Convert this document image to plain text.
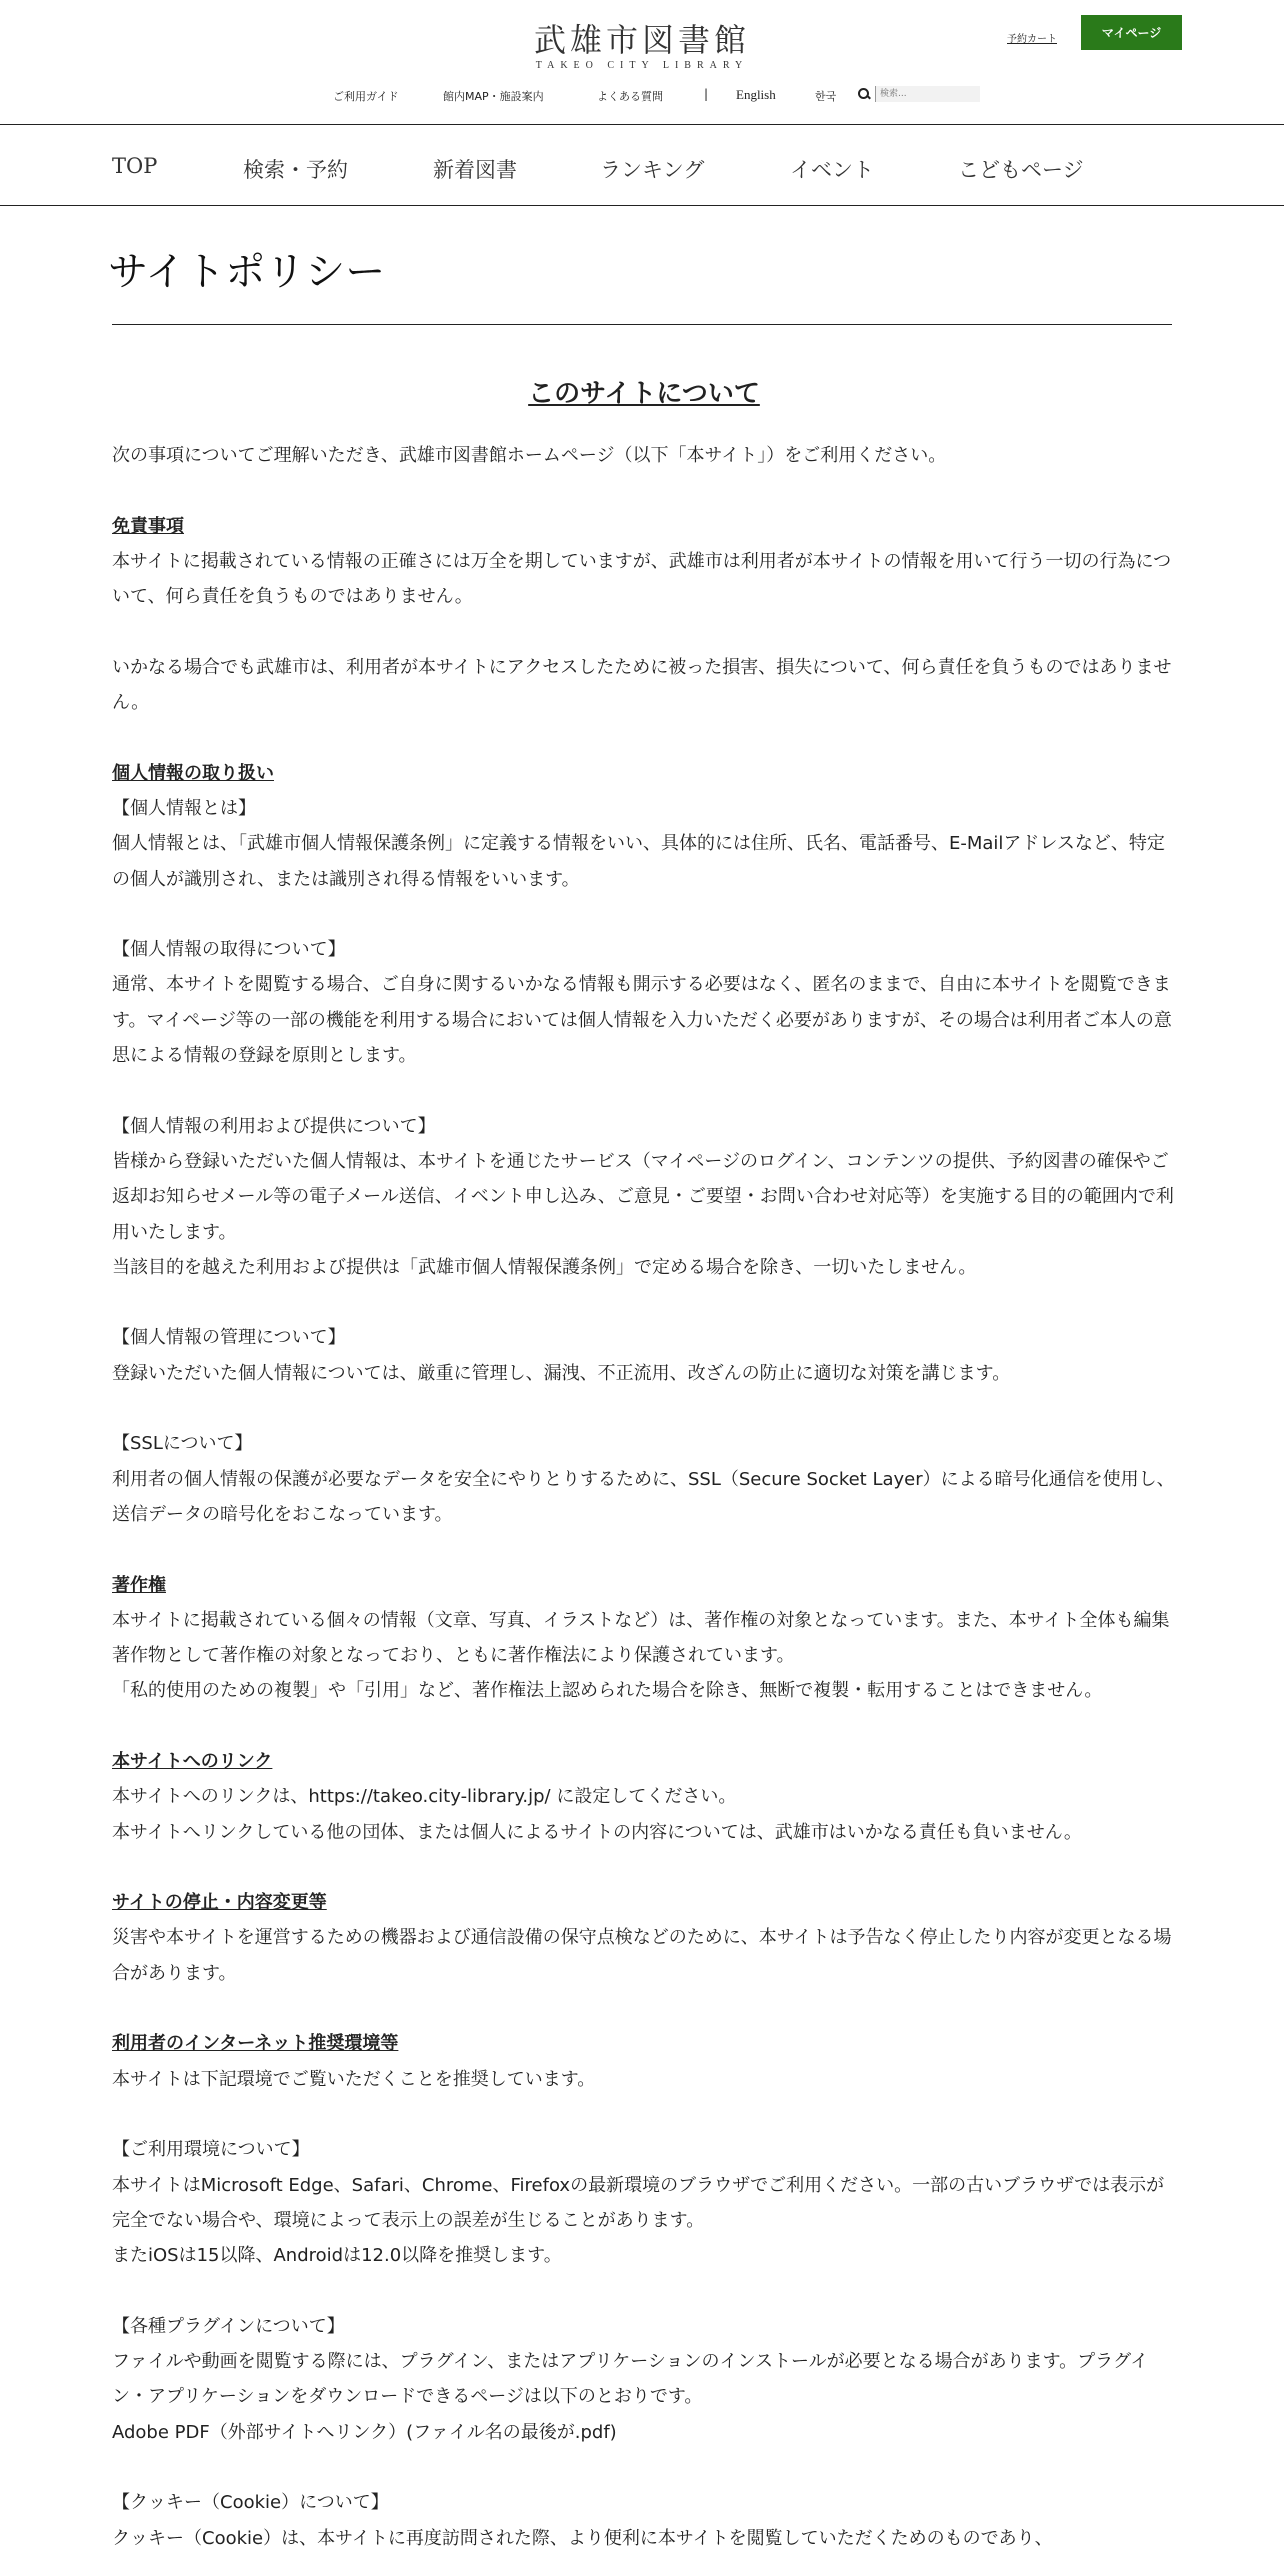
武雄市図書館
TAKEO CITY LIBRARY
予約カート	マイページ
ご利用ガイド	館内MAP・施設案内	よくある質問	| English	한국
検索...
TOP	検索・予約	新着図書	ランキング	イベント	こどもページ
サイトポリシー
このサイトについて

次の事項についてご理解いただき、武雄市図書館ホームページ（以下「本サイト」）をご利用ください。

免責事項

本サイトに掲載されている情報の正確さには万全を期していますが、武雄市は利用者が本サイトの情報を用いて行う一切の行為について、何ら責任を負うものではありません。

いかなる場合でも武雄市は、利用者が本サイトにアクセスしたために被った損害、損失について、何ら責任を負うものではありません。

個人情報の取り扱い

【個人情報とは】

個人情報とは、「武雄市個人情報保護条例」に定義する情報をいい、具体的には住所、氏名、電話番号、E-Mailアドレスなど、特定の個人が識別され、または識別され得る情報をいいます。

【個人情報の取得について】

通常、本サイトを閲覧する場合、ご自身に関するいかなる情報も開示する必要はなく、匿名のままで、自由に本サイトを閲覧できます。マイページ等の一部の機能を利用する場合においては個人情報を入力いただく必要がありますが、その場合は利用者ご本人の意思による情報の登録を原則とします。

【個人情報の利用および提供について】

皆様から登録いただいた個人情報は、本サイトを通じたサービス（マイページのログイン、コンテンツの提供、予約図書の確保やご返却お知らせメール等の電子メール送信、イベント申し込み、ご意見・ご要望・お問い合わせ対応等）を実施する目的の範囲内で利用いたします。

当該目的を越えた利用および提供は「武雄市個人情報保護条例」で定める場合を除き、一切いたしません。

【個人情報の管理について】

登録いただいた個人情報については、厳重に管理し、漏洩、不正流用、改ざんの防止に適切な対策を講じます。

【SSLについて】

利用者の個人情報の保護が必要なデータを安全にやりとりするために、SSL（Secure Socket Layer）による暗号化通信を使用し、送信データの暗号化をおこなっています。

著作権

本サイトに掲載されている個々の情報（文章、写真、イラストなど）は、著作権の対象となっています。また、本サイト全体も編集著作物として著作権の対象となっており、ともに著作権法により保護されています。

「私的使用のための複製」や「引用」など、著作権法上認められた場合を除き、無断で複製・転用することはできません。

本サイトへのリンク

本サイトへのリンクは、https://takeo.city-library.jp/ に設定してください。

本サイトへリンクしている他の団体、または個人によるサイトの内容については、武雄市はいかなる責任も負いません。

サイトの停止・内容変更等

災害や本サイトを運営するための機器および通信設備の保守点検などのために、本サイトは予告なく停止したり内容が変更となる場合があります。

利用者のインターネット推奨環境等

本サイトは下記環境でご覧いただくことを推奨しています。

【ご利用環境について】

本サイトはMicrosoft Edge、Safari、Chrome、Firefoxの最新環境のブラウザでご利用ください。一部の古いブラウザでは表示が完全でない場合や、環境によって表示上の誤差が生じることがあります。

またiOSは15以降、Androidは12.0以降を推奨します。

【各種プラグインについて】

ファイルや動画を閲覧する際には、プラグイン、またはアプリケーションのインストールが必要となる場合があります。プラグイン・アプリケーションをダウンロードできるページは以下のとおりです。

Adobe PDF（外部サイトへリンク）(ファイル名の最後が.pdf)

【クッキー（Cookie）について】

クッキー（Cookie）は、本サイトに再度訪問された際、より便利に本サイトを閲覧していただくためのものであり、
